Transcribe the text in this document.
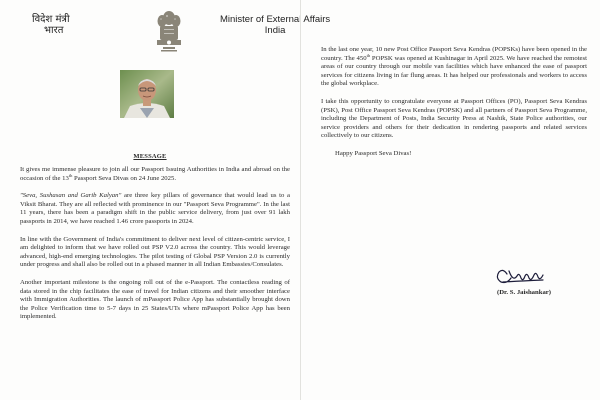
विदेश मंत्री
भारत
Minister of External Affairs
India
MESSAGE

It gives me immense pleasure to join all our Passport Issuing Authorities in India and abroad on the occasion of the 13th Passport Seva Divas on 24 June 2025.

"Seva, Sushasan and Garib Kalyan" are three key pillars of governance that would lead us to a Viksit Bharat. They are all reflected with prominence in our "Passport Seva Programme". In the last 11 years, there has been a paradigm shift in the public service delivery, from just over 91 lakh passports in 2014, we have reached 1.46 crore passports in 2024.

In line with the Government of India's commitment to deliver next level of citizen-centric service, I am delighted to inform that we have rolled out PSP V2.0 across the country. This would leverage advanced, high-end emerging technologies. The pilot testing of Global PSP Version 2.0 is currently under progress and shall also be rolled out in a phased manner in all Indian Embassies/Consulates.

Another important milestone is the ongoing roll out of the e-Passport. The contactless reading of data stored in the chip facilitates the ease of travel for Indian citizens and their smoother interface with Immigration Authorities. The launch of mPassport Police App has substantially brought down the Police Verification time to 5-7 days in 25 States/UTs where mPassport Police App has been implemented.

In the last one year, 10 new Post Office Passport Seva Kendras (POPSKs) have been opened in the country. The 450th POPSK was opened at Kushinagar in April 2025. We have reached the remotest areas of our country through our mobile van facilities which have enhanced the ease of passport services for citizens living in far flung areas. It has helped our professionals and workers to access the global workplace.

I take this opportunity to congratulate everyone at Passport Offices (PO), Passport Seva Kendras (PSK), Post Office Passport Seva Kendras (POPSK) and all partners of Passport Seva Programme, including the Department of Posts, India Security Press at Nashik, State Police authorities, our service providers and others for their dedication in rendering passports and related services collectively to our citizens.

Happy Passport Seva Divas!

(Dr. S. Jaishankar)
